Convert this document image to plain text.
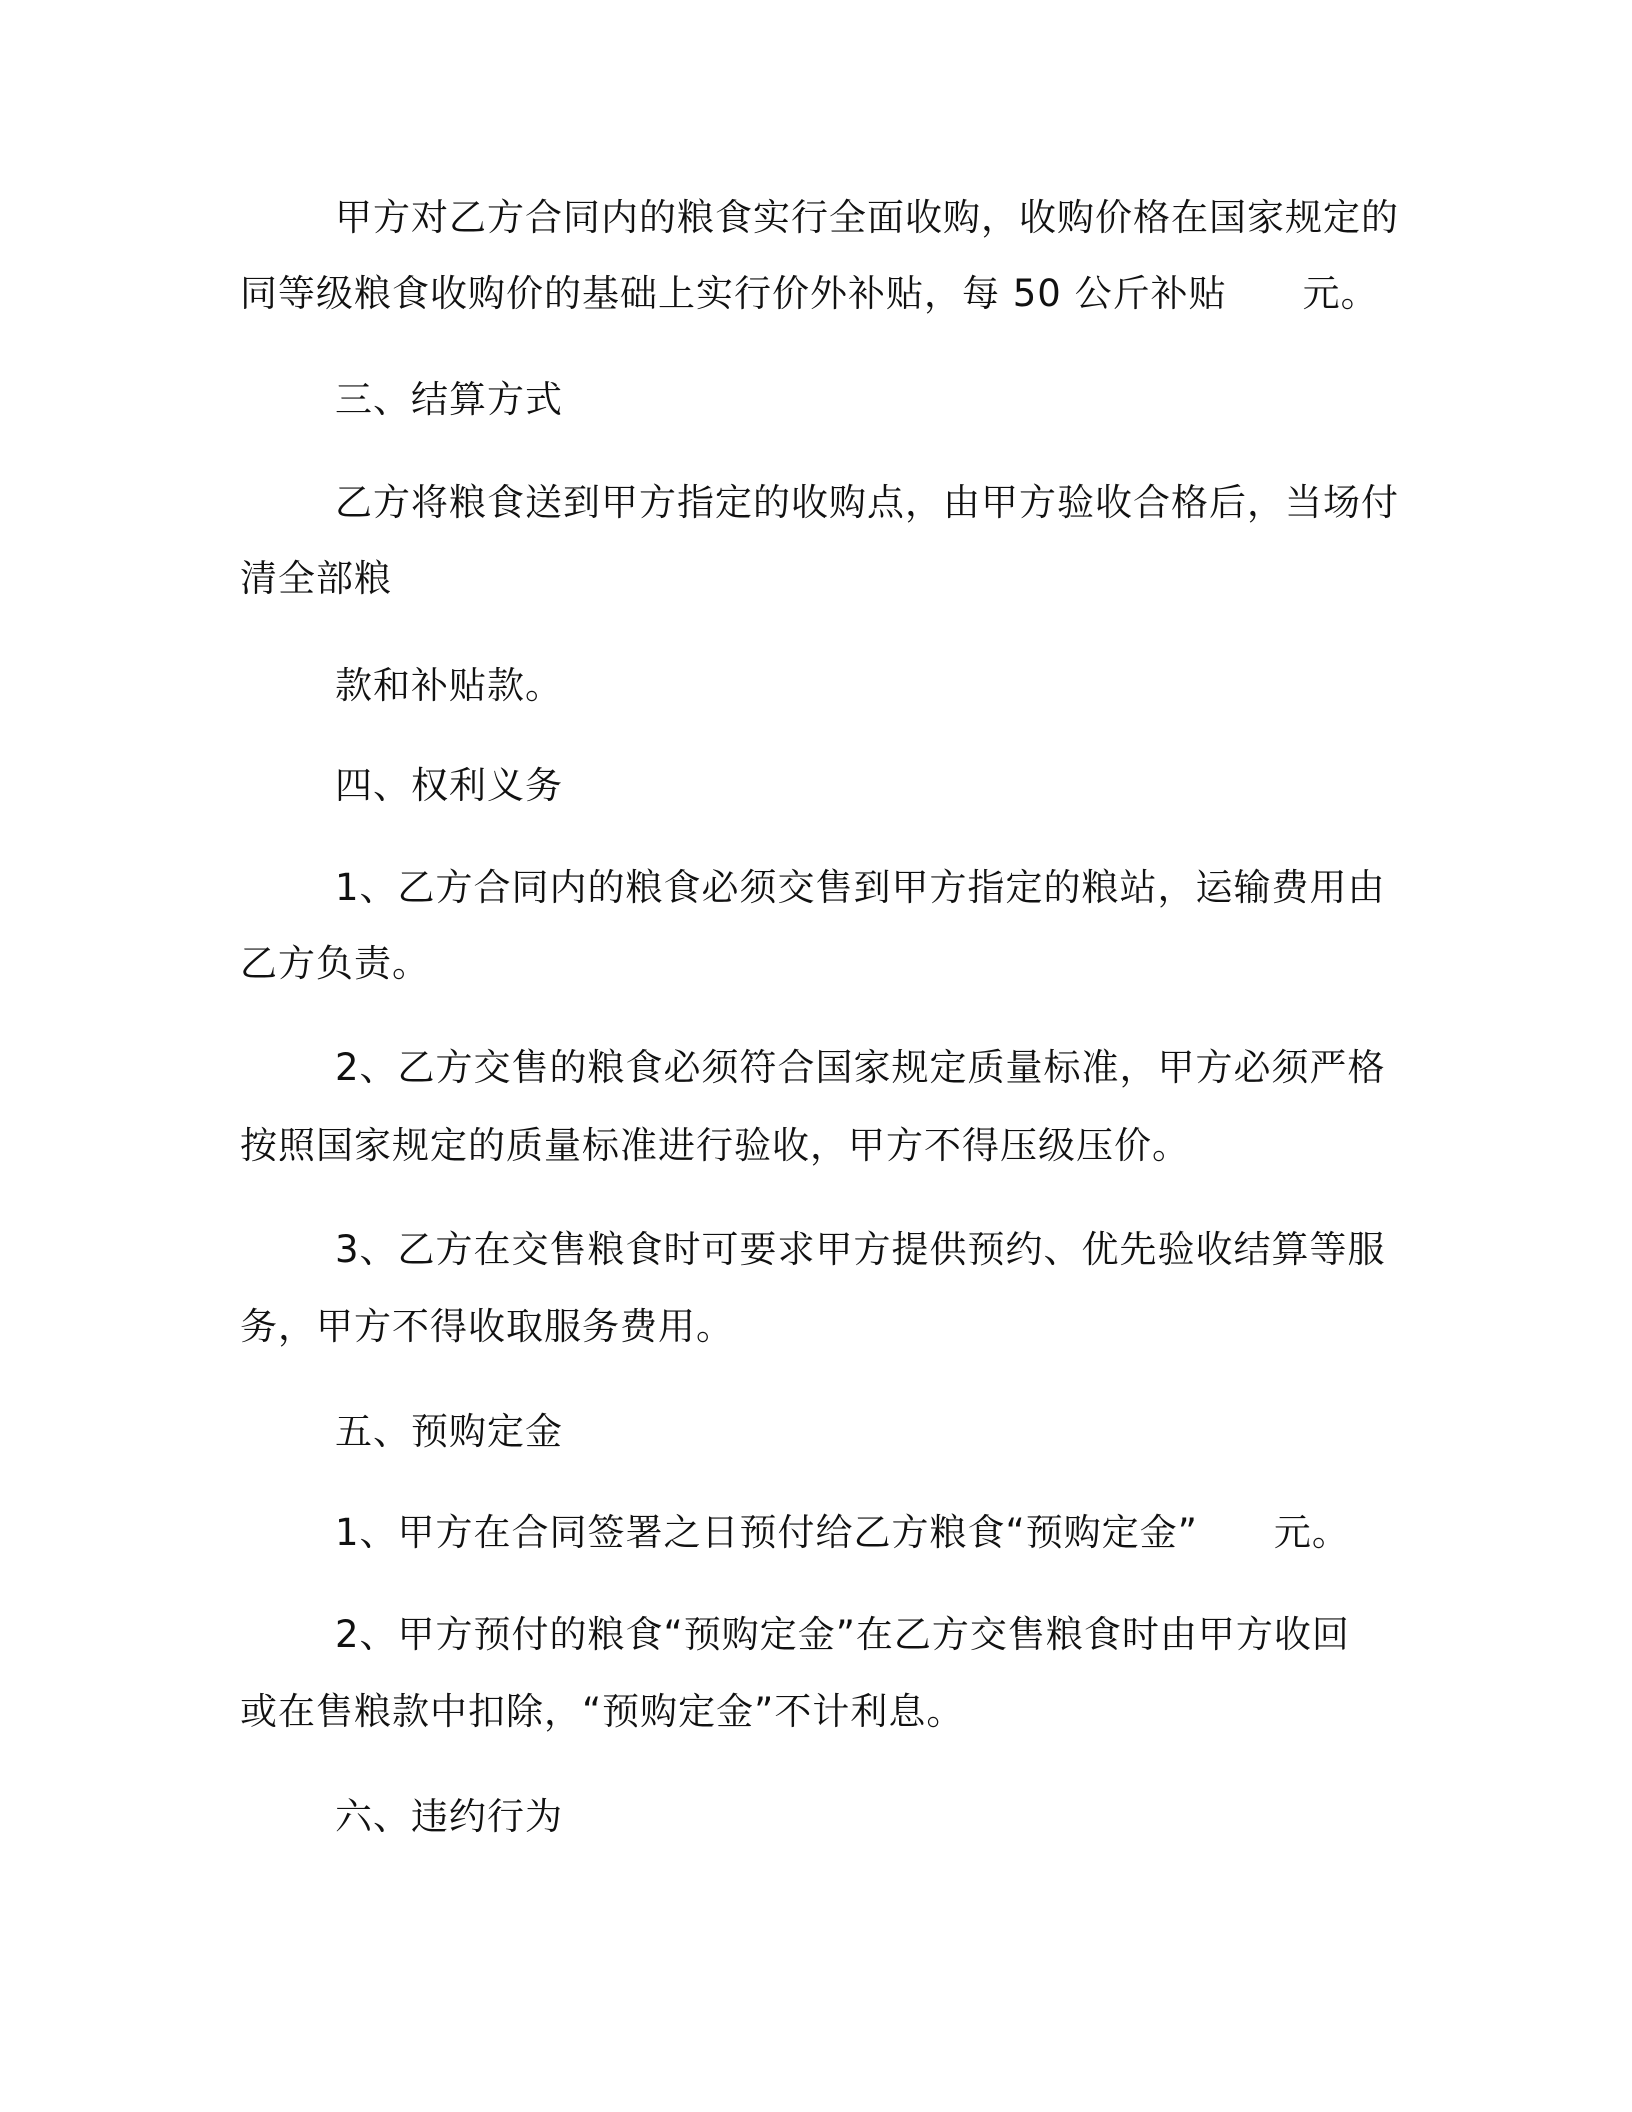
甲方对乙方合同内的粮食实行全面收购，收购价格在国家规定的
同等级粮食收购价的基础上实行价外补贴，每 50 公斤补贴　　元。
三、结算方式
乙方将粮食送到甲方指定的收购点，由甲方验收合格后，当场付
清全部粮
款和补贴款。
四、权利义务
1、乙方合同内的粮食必须交售到甲方指定的粮站，运输费用由
乙方负责。
2、乙方交售的粮食必须符合国家规定质量标准，甲方必须严格
按照国家规定的质量标准进行验收，甲方不得压级压价。
3、乙方在交售粮食时可要求甲方提供预约、优先验收结算等服
务，甲方不得收取服务费用。
五、预购定金
1、甲方在合同签署之日预付给乙方粮食“预购定金”　　元。
2、甲方预付的粮食“预购定金”在乙方交售粮食时由甲方收回
或在售粮款中扣除，“预购定金”不计利息。
六、违约行为
